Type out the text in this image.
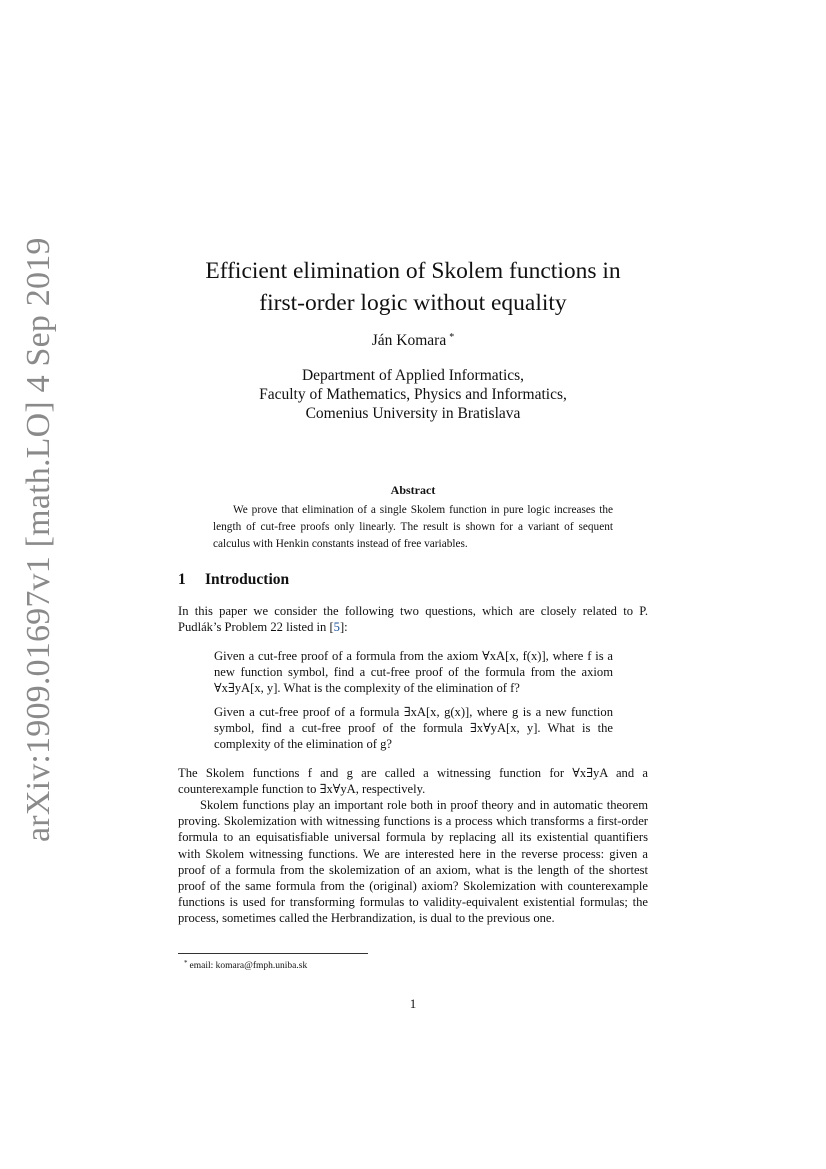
arXiv:1909.01697v1 [math.LO] 4 Sep 2019	Efficient elimination of Skolem functions in
first-order logic without equality
Ján Komara *
Department of Applied Informatics,
Faculty of Mathematics, Physics and Informatics,
Comenius University in Bratislava
Abstract

We prove that elimination of a single Skolem function in pure logic increases the length of cut-free proofs only linearly. The result is shown for a variant of sequent calculus with Henkin constants instead of free variables.

1 Introduction

In this paper we consider the following two questions, which are closely related to P. Pudlák’s Problem 22 listed in [5]:

Given a cut-free proof of a formula from the axiom ∀xA[x, f(x)], where f is a new function symbol, find a cut-free proof of the formula from the axiom ∀x∃yA[x, y]. What is the complexity of the elimination of f?

Given a cut-free proof of a formula ∃xA[x, g(x)], where g is a new function symbol, find a cut-free proof of the formula ∃x∀yA[x, y]. What is the complexity of the elimination of g?

The Skolem functions f and g are called a witnessing function for ∀x∃yA and a counterexample function to ∃x∀yA, respectively.

Skolem functions play an important role both in proof theory and in automatic theorem proving. Skolemization with witnessing functions is a process which transforms a first-order formula to an equisatisfiable universal formula by replacing all its existential quantifiers with Skolem witnessing functions. We are interested here in the reverse process: given a proof of a formula from the skolemization of an axiom, what is the length of the shortest proof of the same formula from the (original) axiom? Skolemization with counterexample functions is used for transforming formulas to validity-equivalent existential formulas; the process, sometimes called the Herbrandization, is dual to the previous one.

* email: komara@fmph.uniba.sk
1
